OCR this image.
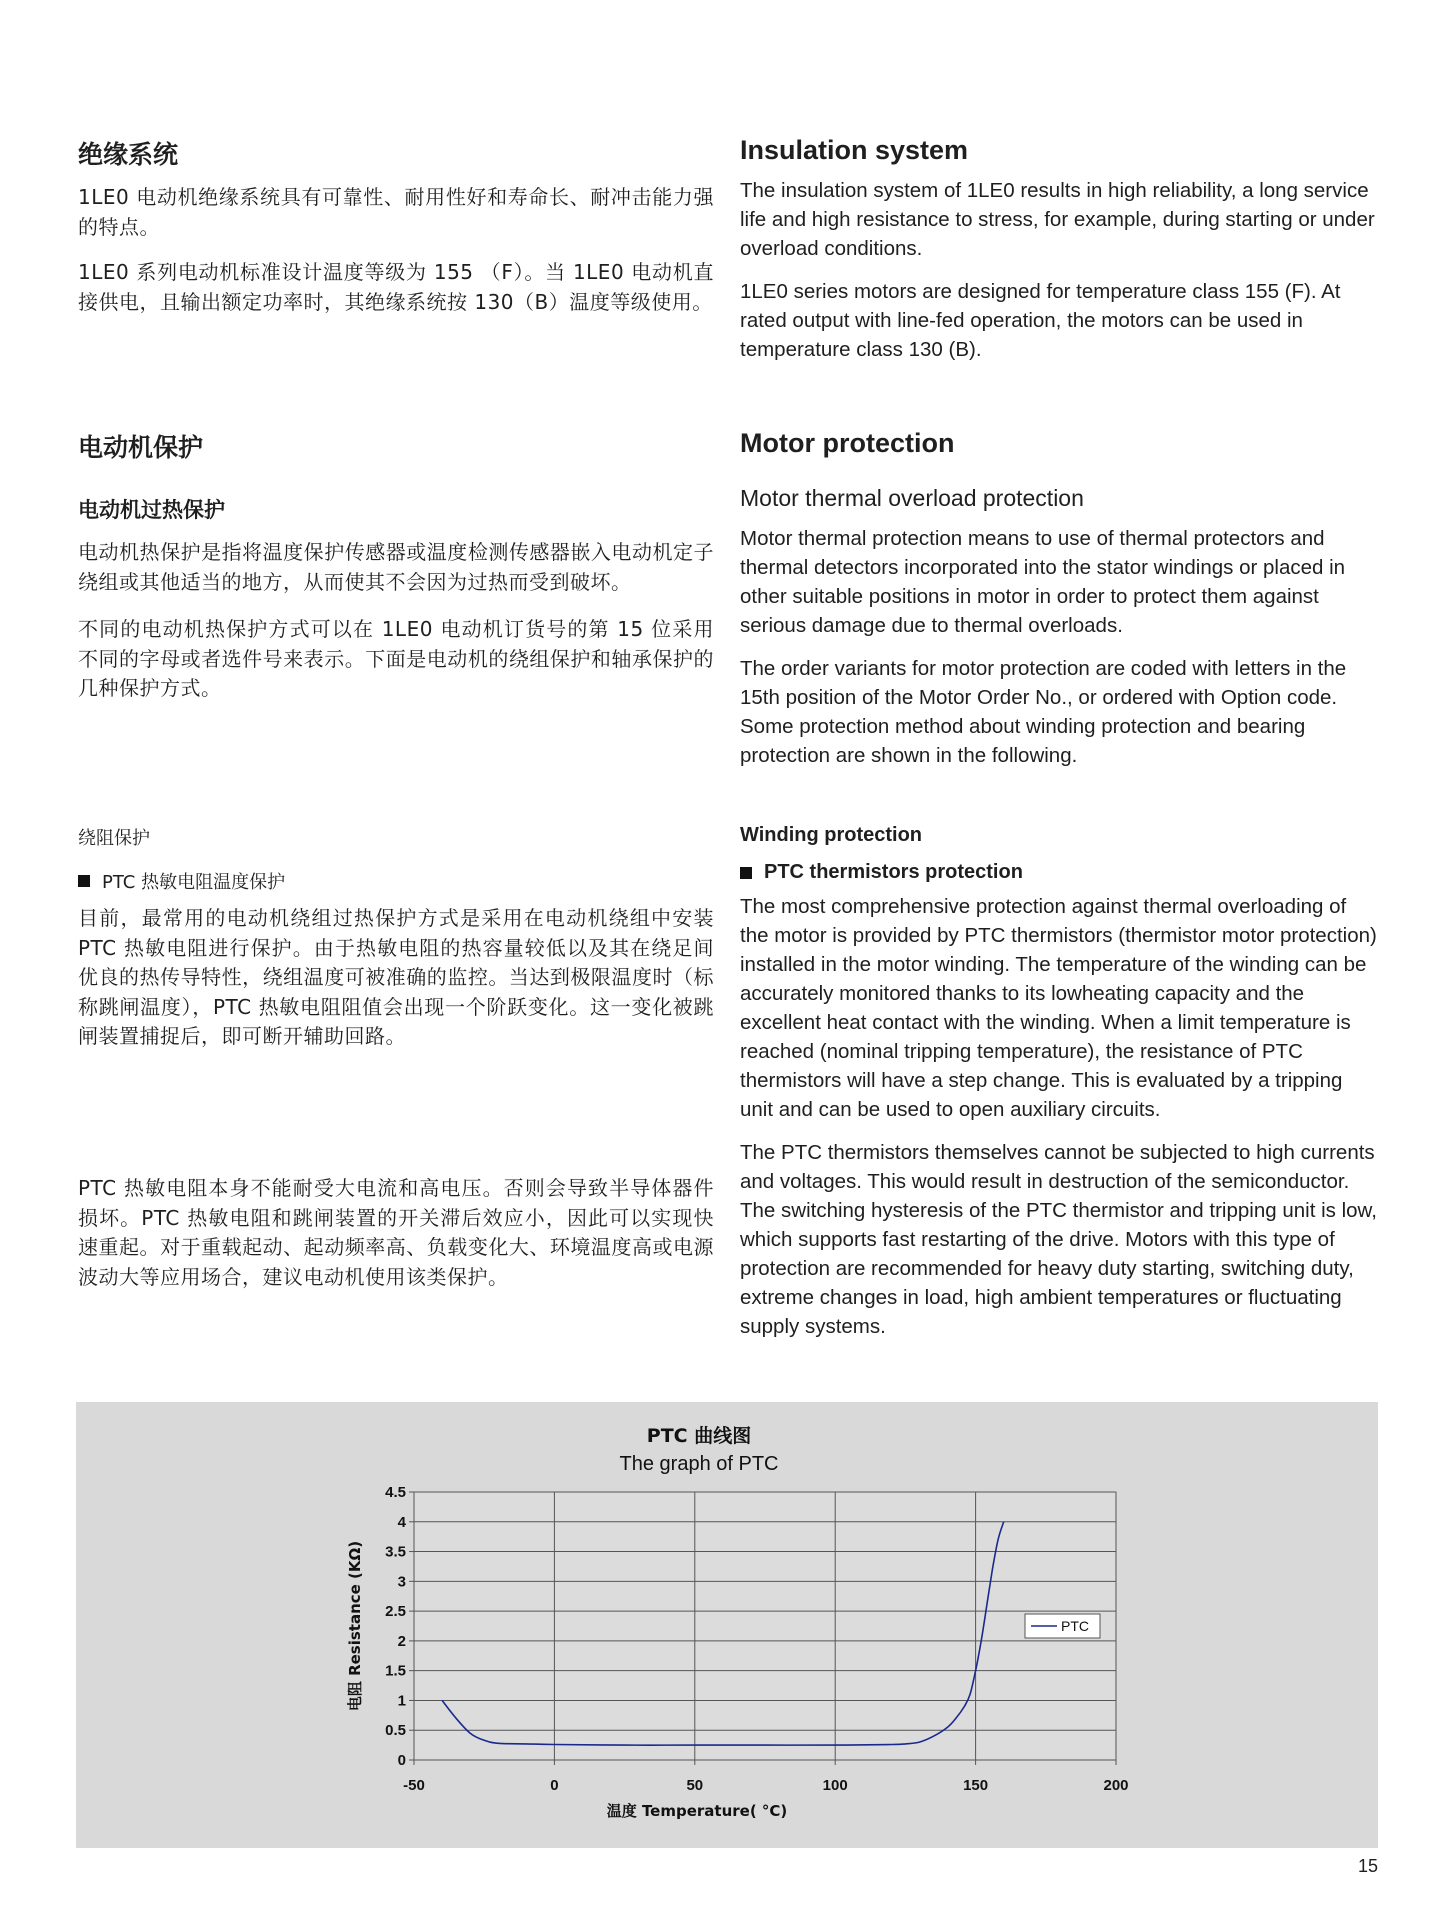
绝缘系统

1LE0 电动机绝缘系统具有可靠性、耐用性好和寿命长、耐冲击能力强的特点。

1LE0 系列电动机标准设计温度等级为 155 （F）。当 1LE0 电动机直接供电，且输出额定功率时，其绝缘系统按 130（B）温度等级使用。

电动机保护
电动机过热保护

电动机热保护是指将温度保护传感器或温度检测传感器嵌入电动机定子绕组或其他适当的地方，从而使其不会因为过热而受到破坏。

不同的电动机热保护方式可以在 1LE0 电动机订货号的第 15 位采用不同的字母或者选件号来表示。下面是电动机的绕组保护和轴承保护的几种保护方式。

绕阻保护
PTC 热敏电阻温度保护

目前，最常用的电动机绕组过热保护方式是采用在电动机绕组中安装 PTC 热敏电阻进行保护。由于热敏电阻的热容量较低以及其在绕足间优良的热传导特性，绕组温度可被准确的监控。当达到极限温度时（标称跳闸温度），PTC 热敏电阻阻值会出现一个阶跃变化。这一变化被跳闸装置捕捉后，即可断开辅助回路。

PTC 热敏电阻本身不能耐受大电流和高电压。否则会导致半导体器件损坏。PTC 热敏电阻和跳闸装置的开关滞后效应小，因此可以实现快速重起。对于重载起动、起动频率高、负载变化大、环境温度高或电源波动大等应用场合，建议电动机使用该类保护。

Insulation system

The insulation system of 1LE0 results in high reliability, a long service life and high resistance to stress, for example, during starting or under overload conditions.

1LE0 series motors are designed for temperature class 155 (F). At rated output with line-fed operation, the motors can be used in temperature class 130 (B).

Motor protection
Motor thermal overload protection

Motor thermal protection means to use of thermal protectors and thermal detectors incorporated into the stator windings or placed in other suitable positions in motor in order to protect them against serious damage due to thermal overloads.

The order variants for motor protection are coded with letters in the 15th position of the Motor Order No., or ordered with Option code. Some protection method about winding protection and bearing protection are shown in the following.

Winding protection
PTC thermistors protection

The most comprehensive protection against thermal overloading of the motor is provided by PTC thermistors (thermistor motor protection) installed in the motor winding. The temperature of the winding can be accurately monitored thanks to its lowheating capacity and the excellent heat contact with the winding. When a limit temperature is reached (nominal tripping temperature), the resistance of PTC thermistors will have a step change. This is evaluated by a tripping unit and can be used to open auxiliary circuits.

The PTC thermistors themselves cannot be subjected to high currents and voltages. This would result in destruction of the semiconductor. The switching hysteresis of the PTC thermistor and tripping unit is low, which supports fast restarting of the drive. Motors with this type of protection are recommended for heavy duty starting, switching duty, extreme changes in load, high ambient temperatures or fluctuating supply systems.

PTC 曲线图
The graph of PTC
0
0.5
1
1.5
2
2.5
3
3.5
4
4.5
-50	0	50	100	150	200
温度 Temperature( °C)
电阻 Resistance (KΩ)	PTC
15
